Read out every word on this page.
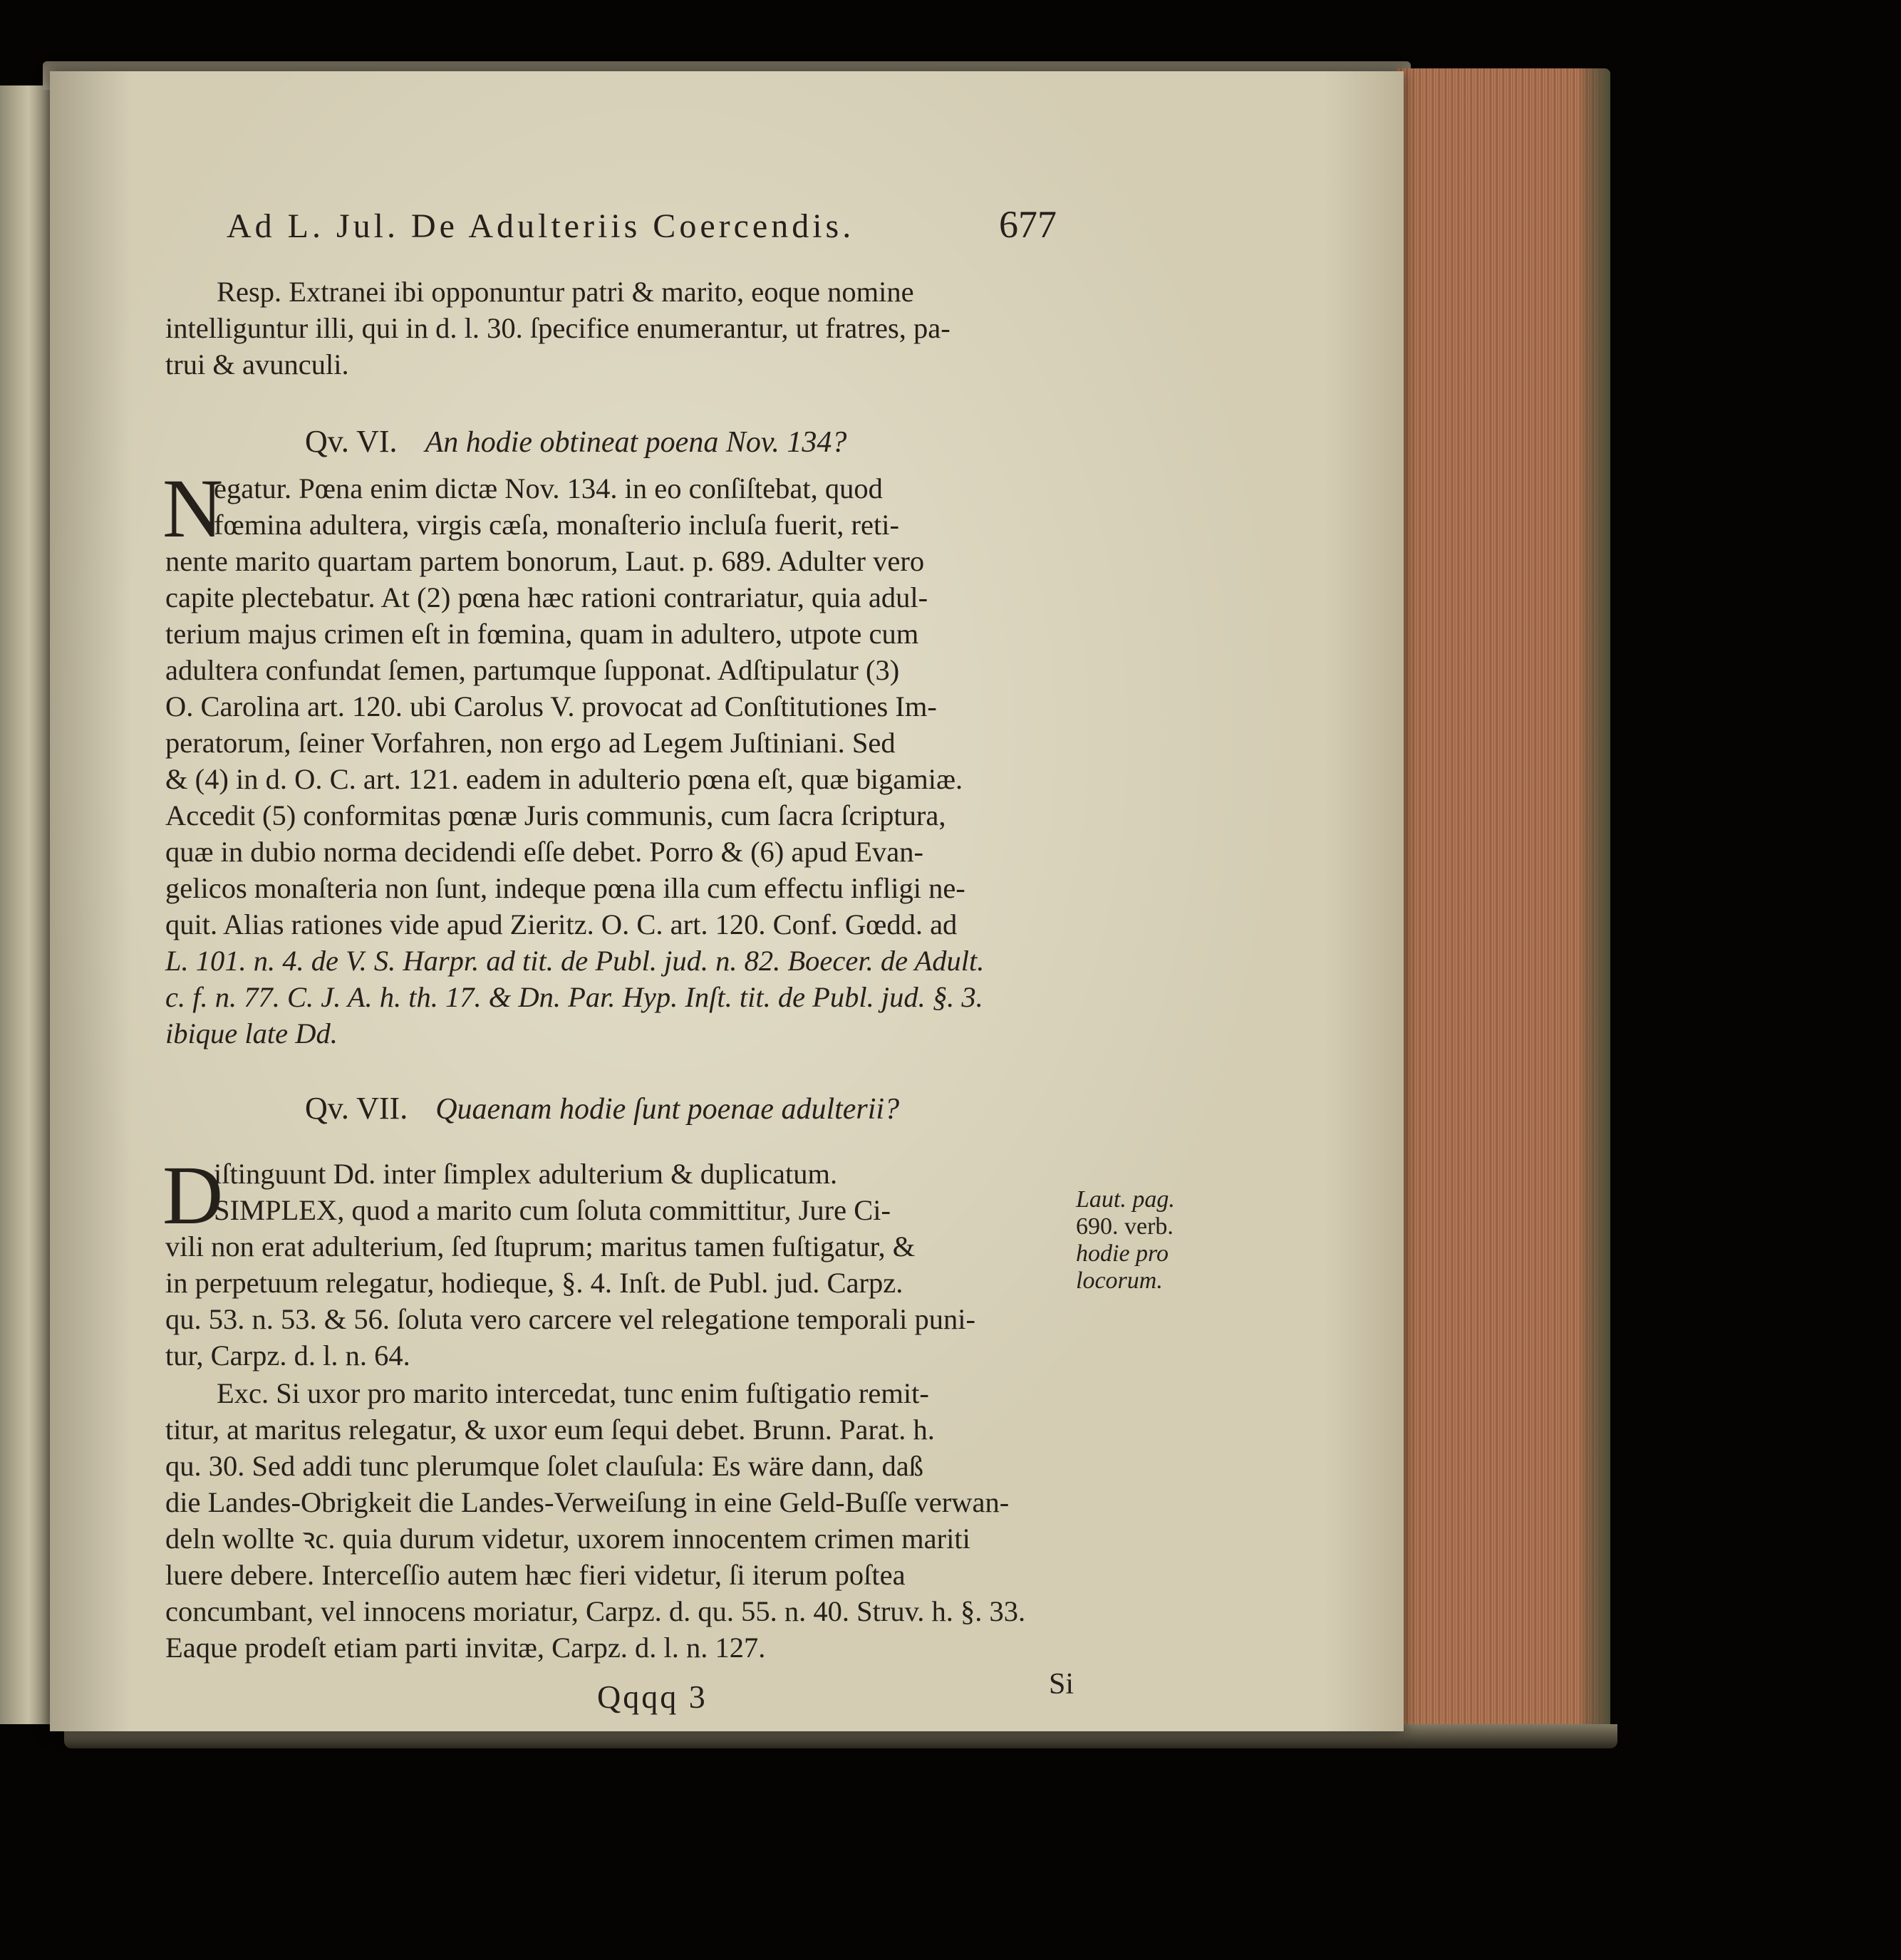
Ad L. Jul. De Adulteriis Coercendis.	677
Resp. Extranei ibi opponuntur patri & marito, eoque nomine
intelliguntur illi, qui in d. l. 30. ſpecifice enumerantur, ut fratres, pa-
trui & avunculi.
Qv. VI. An hodie obtineat poena Nov. 134?
N
egatur. Pœna enim dictæ Nov. 134. in eo conſiſtebat, quod
fœmina adultera, virgis cæſa, monaſterio incluſa fuerit, reti-
nente marito quartam partem bonorum, Laut. p. 689. Adulter vero
capite plectebatur. At (2) pœna hæc rationi contrariatur, quia adul-
terium majus crimen eſt in fœmina, quam in adultero, utpote cum
adultera confundat ſemen, partumque ſupponat. Adſtipulatur (3)
O. Carolina art. 120. ubi Carolus V. provocat ad Conſtitutiones Im-
peratorum, ſeiner Vorfahren, non ergo ad Legem Juſtiniani. Sed
& (4) in d. O. C. art. 121. eadem in adulterio pœna eſt, quæ bigamiæ.
Accedit (5) conformitas pœnæ Juris communis, cum ſacra ſcriptura,
quæ in dubio norma decidendi eſſe debet. Porro & (6) apud Evan-
gelicos monaſteria non ſunt, indeque pœna illa cum effectu infligi ne-
quit. Alias rationes vide apud Zieritz. O. C. art. 120. Conf. Gœdd. ad
L. 101. n. 4. de V. S. Harpr. ad tit. de Publ. jud. n. 82. Boecer. de Adult.
c. f. n. 77. C. J. A. h. th. 17. & Dn. Par. Hyp. Inſt. tit. de Publ. jud. §. 3.
ibique late Dd.
Qv. VII. Quaenam hodie ſunt poenae adulterii?
D
iſtinguunt Dd. inter ſimplex adulterium & duplicatum.
SIMPLEX, quod a marito cum ſoluta committitur, Jure Ci-
vili non erat adulterium, ſed ſtuprum; maritus tamen fuſtigatur, &
in perpetuum relegatur, hodieque, §. 4. Inſt. de Publ. jud. Carpz.
qu. 53. n. 53. & 56. ſoluta vero carcere vel relegatione temporali puni-
tur, Carpz. d. l. n. 64.
Exc. Si uxor pro marito intercedat, tunc enim fuſtigatio remit-
titur, at maritus relegatur, & uxor eum ſequi debet. Brunn. Parat. h.
qu. 30. Sed addi tunc plerumque ſolet clauſula: Es wäre dann, daß
die Landes-Obrigkeit die Landes-Verweiſung in eine Geld-Buſſe verwan-
deln wollte ꝛc. quia durum videtur, uxorem innocentem crimen mariti
luere debere. Interceſſio autem hæc fieri videtur, ſi iterum poſtea
concumbant, vel innocens moriatur, Carpz. d. qu. 55. n. 40. Struv. h. §. 33.
Eaque prodeſt etiam parti invitæ, Carpz. d. l. n. 127.
Laut. pag.
690. verb.
hodie pro
locorum.
Qqqq 3	Si
